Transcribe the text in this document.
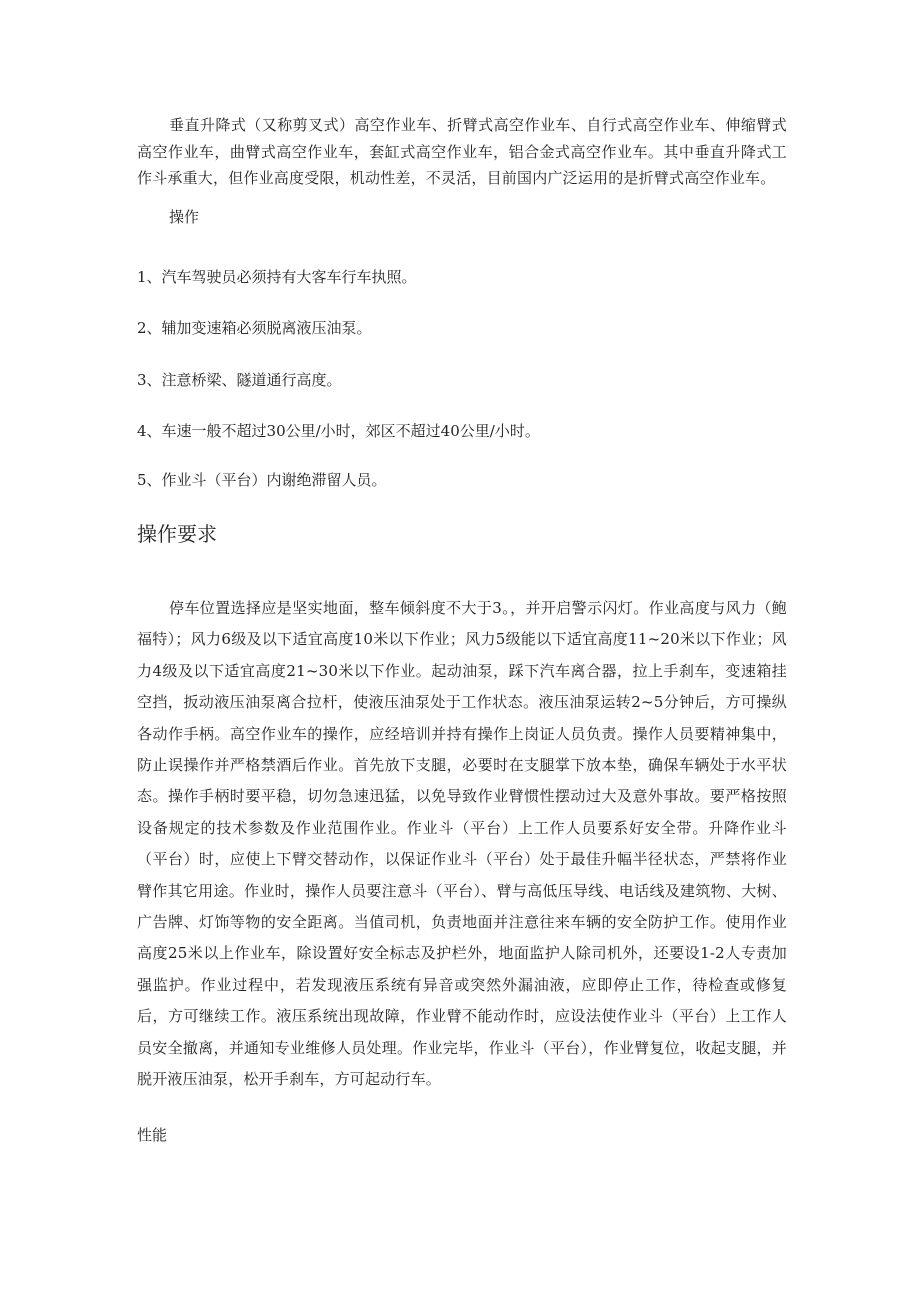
垂直升降式（又称剪叉式）高空作业车、折臂式高空作业车、自行式高空作业车、伸缩臂式高空作业车，曲臂式高空作业车，套缸式高空作业车，铝合金式高空作业车。其中垂直升降式工作斗承重大，但作业高度受限，机动性差，不灵活，目前国内广泛运用的是折臂式高空作业车。

操作

1、汽车驾驶员必须持有大客车行车执照。

2、辅加变速箱必须脱离液压油泵。

3、注意桥梁、隧道通行高度。

4、车速一般不超过30公里/小时，郊区不超过40公里/小时。

5、作业斗（平台）内谢绝滞留人员。

操作要求

停车位置选择应是坚实地面，整车倾斜度不大于3。，并开启警示闪灯。作业高度与风力（鲍福特）；风力6级及以下适宜高度10米以下作业；风力5级能以下适宜高度11~20米以下作业；风力4级及以下适宜高度21~30米以下作业。起动油泵，踩下汽车离合器，拉上手刹车，变速箱挂空挡，扳动液压油泵离合拉杆，使液压油泵处于工作状态。液压油泵运转2~5分钟后，方可操纵各动作手柄。高空作业车的操作，应经培训并持有操作上岗证人员负责。操作人员要精神集中，防止误操作并严格禁酒后作业。首先放下支腿，必要时在支腿掌下放本垫，确保车辆处于水平状态。操作手柄时要平稳，切勿急速迅猛，以免导致作业臂惯性摆动过大及意外事故。要严格按照设备规定的技术参数及作业范围作业。作业斗（平台）上工作人员要系好安全带。升降作业斗（平台）时，应使上下臂交替动作，以保证作业斗（平台）处于最佳升幅半径状态，严禁将作业臂作其它用途。作业时，操作人员要注意斗（平台）、臂与高低压导线、电话线及建筑物、大树、广告牌、灯饰等物的安全距离。当值司机，负责地面并注意往来车辆的安全防护工作。使用作业高度25米以上作业车，除设置好安全标志及护栏外，地面监护人除司机外，还要设1-2人专责加强监护。作业过程中，若发现液压系统有异音或突然外漏油液，应即停止工作，待检查或修复后，方可继续工作。液压系统出现故障，作业臂不能动作时，应设法使作业斗（平台）上工作人员安全撤离，并通知专业维修人员处理。作业完毕，作业斗（平台），作业臂复位，收起支腿，并脱开液压油泵，松开手刹车，方可起动行车。

性能
